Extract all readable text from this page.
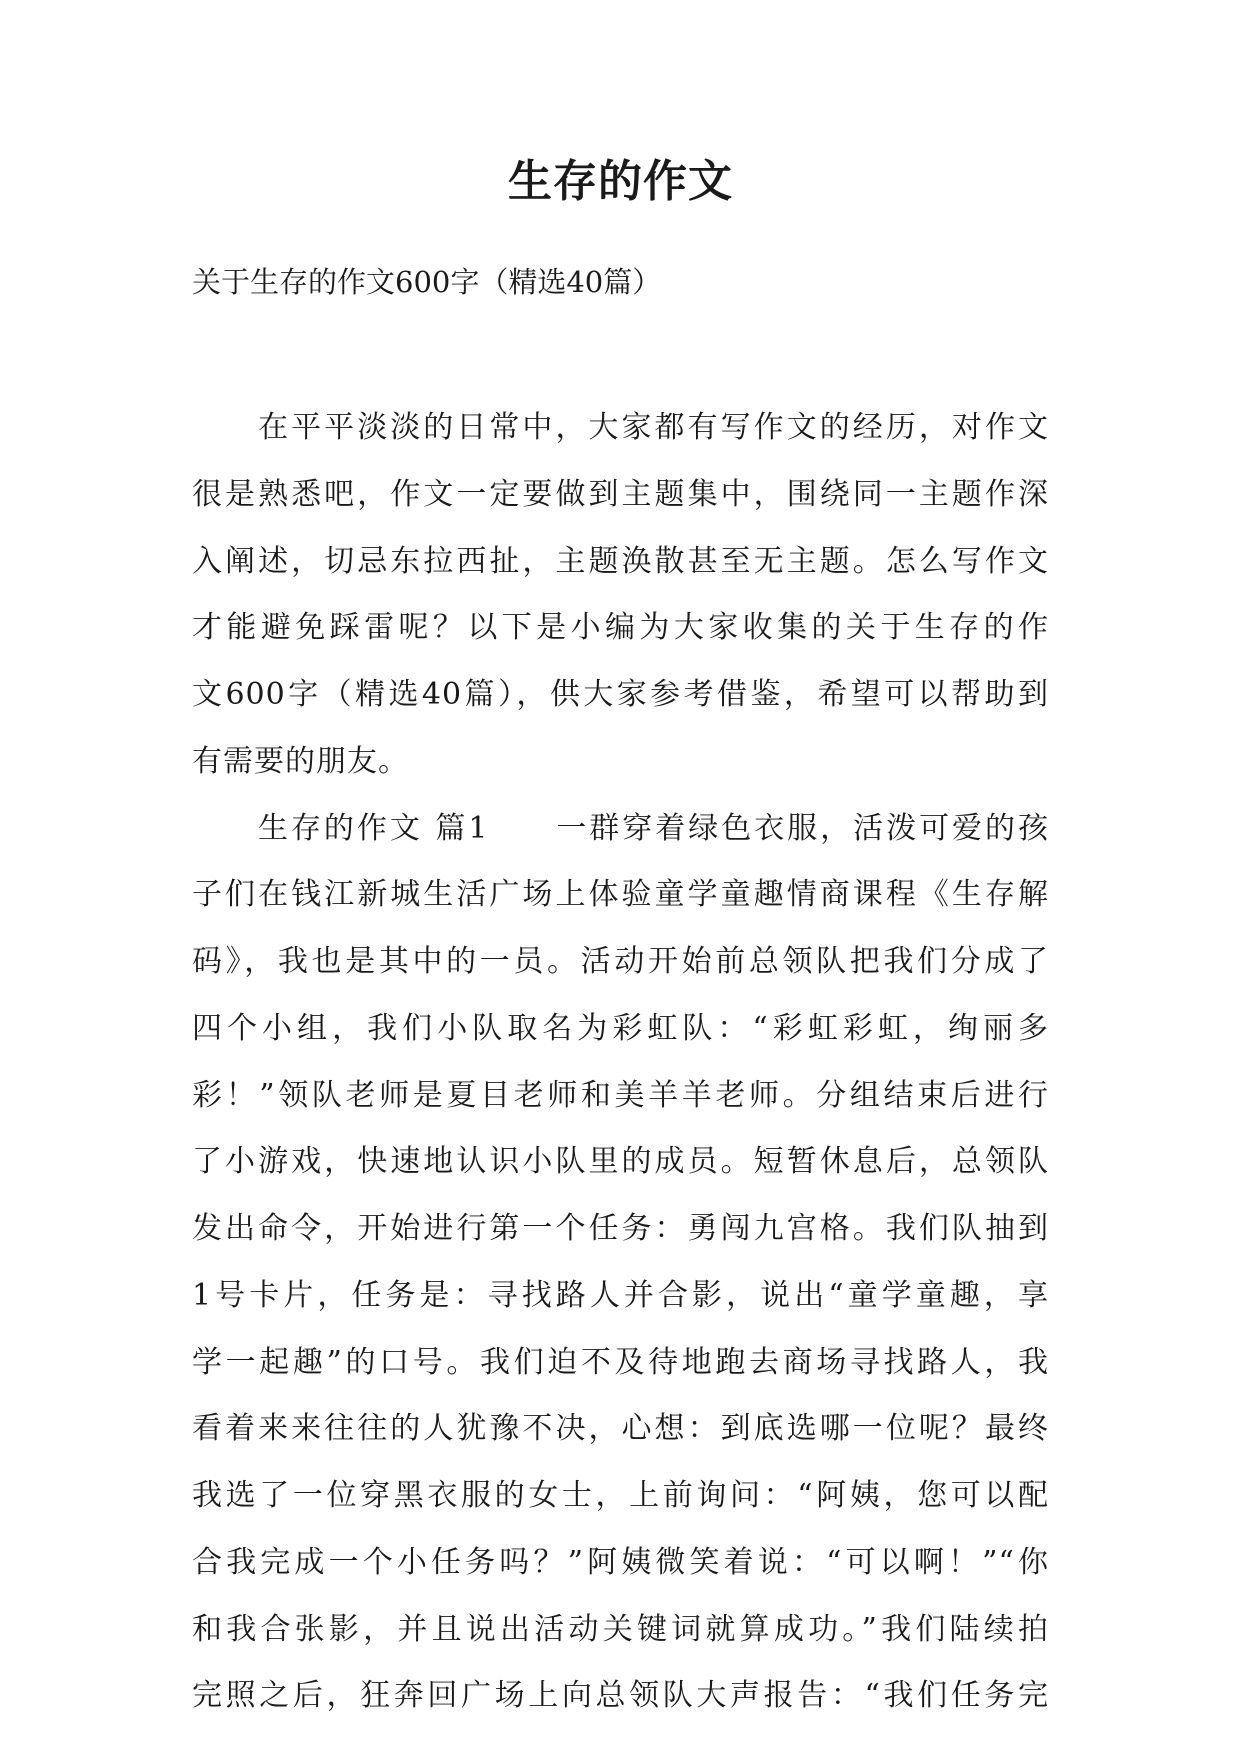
生存的作文
关于生存的作文600字（精选40篇）
　　在平平淡淡的日常中，大家都有写作文的经历，对作文
很是熟悉吧，作文一定要做到主题集中，围绕同一主题作深
入阐述，切忌东拉西扯，主题涣散甚至无主题。怎么写作文
才能避免踩雷呢？以下是小编为大家收集的关于生存的作
文600字（精选40篇），供大家参考借鉴，希望可以帮助到
有需要的朋友。
　　生存的作文 篇1　　一群穿着绿色衣服，活泼可爱的孩
子们在钱江新城生活广场上体验童学童趣情商课程《生存解
码》，我也是其中的一员。活动开始前总领队把我们分成了
四个小组，我们小队取名为彩虹队：“彩虹彩虹，绚丽多
彩！”领队老师是夏目老师和美羊羊老师。分组结束后进行
了小游戏，快速地认识小队里的成员。短暂休息后，总领队
发出命令，开始进行第一个任务：勇闯九宫格。我们队抽到
1号卡片，任务是：寻找路人并合影，说出“童学童趣，享
学一起趣”的口号。我们迫不及待地跑去商场寻找路人，我
看着来来往往的人犹豫不决，心想：到底选哪一位呢？最终
我选了一位穿黑衣服的女士，上前询问：“阿姨，您可以配
合我完成一个小任务吗？”阿姨微笑着说：“可以啊！”“你
和我合张影，并且说出活动关键词就算成功。”我们陆续拍
完照之后，狂奔回广场上向总领队大声报告：“我们任务完
